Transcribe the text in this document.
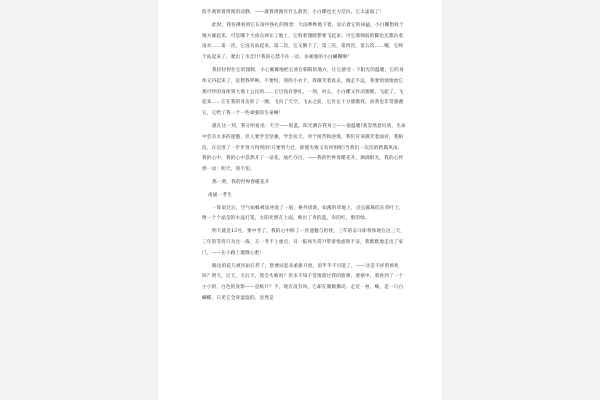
似乎观察着周围的动静，——就算周围有什么敌害，小白蝶也无力反抗。它太虚弱了！

此时，我仿佛看到它在雨中挣扎的情景：大雨哗哗地下着，显示着它的凶猛，小白蝶想找个地方躲起来，可是哪个大雨点掉在了地上，它料着翅膀想要飞起来；可它那细弱的脚也还都沾着雨水……第一次，它没有站起来，第二次，它又倒下了，第三次，第四次，第五次……哦，它终于站起来了，爬出了水洼!!!我的心禁不住一动，多顽强的小白蝴蝶啊！

我轻轻捏住它的翅膀，小心翼翼地把它放在朝阳的地方，让它感受一下阳光的温暖，它的身体又抖起来了，是想我呼唤，不要怕，我的小衣卡，我微笑着真去，细走不远，我要悄悄地放它那可怜的身体到大地上公民的……它过没有挣扎，一刻，衬么，小白蝶又抖动翅膀，飞起了，飞起来……它在我的身边转了一圈，飞向了天空。飞去之前，它肯定十分感激我，而我也非常感谢它，它给了我一个一些顽强的生命啊！

就在这一刻，我分明看见：天空——很蓝，阳光洒在我身上——很温暖!我忽然意识到，生命中会有太多的遗憾，但人要学会坚强，学会抗天，对于困苦和逆境，我们应该微笑着面对，我相信，在迈进了一步步努力得到的!只要努力过，即使失败又有何惧呢!当我们一次次的跨越风雨，我的心中，我的心中忽然开了一朵花，灿烂夺目。——我的世界春暖花开，洒满阳光。我的心怦然一动：明天，我不怕。

那一刻，我的世界春暖花开

南通一考生

一阵雨过后，空气如蜂被雨冲洗了一般，格外清新，如薄的草地上，点点露珠挂在草叶上，像一个个晶莹的水晶灯笼，太阳光照在上面，映出了青的蓝，赤的红，紫的绿。

明天就是13号，要中考了，我的心中除了一丝遗憾与担忧，三年的奋斗即将体现在这三天，三年的等待只为这一战，万一考不上重点，耳一临场失常?!带着忧虑和不安，我默默地走出了家门，——在小路上散散心吧！

路边的花儿被风雨打折了，想要站起来重新开放，似乎乎不可能了，——这是不祥的预兆吗？明天，后天，大后天，我会失败吗？但水不知不觉地游过我的脸颊，迷蒙中，我看到了一个小小的，白色的身影——是纸片？不，现在没有风，它却在微微挪动，走近一看，嗬，是一只白蝴蝶，只见它全身湿湿的，显然是
